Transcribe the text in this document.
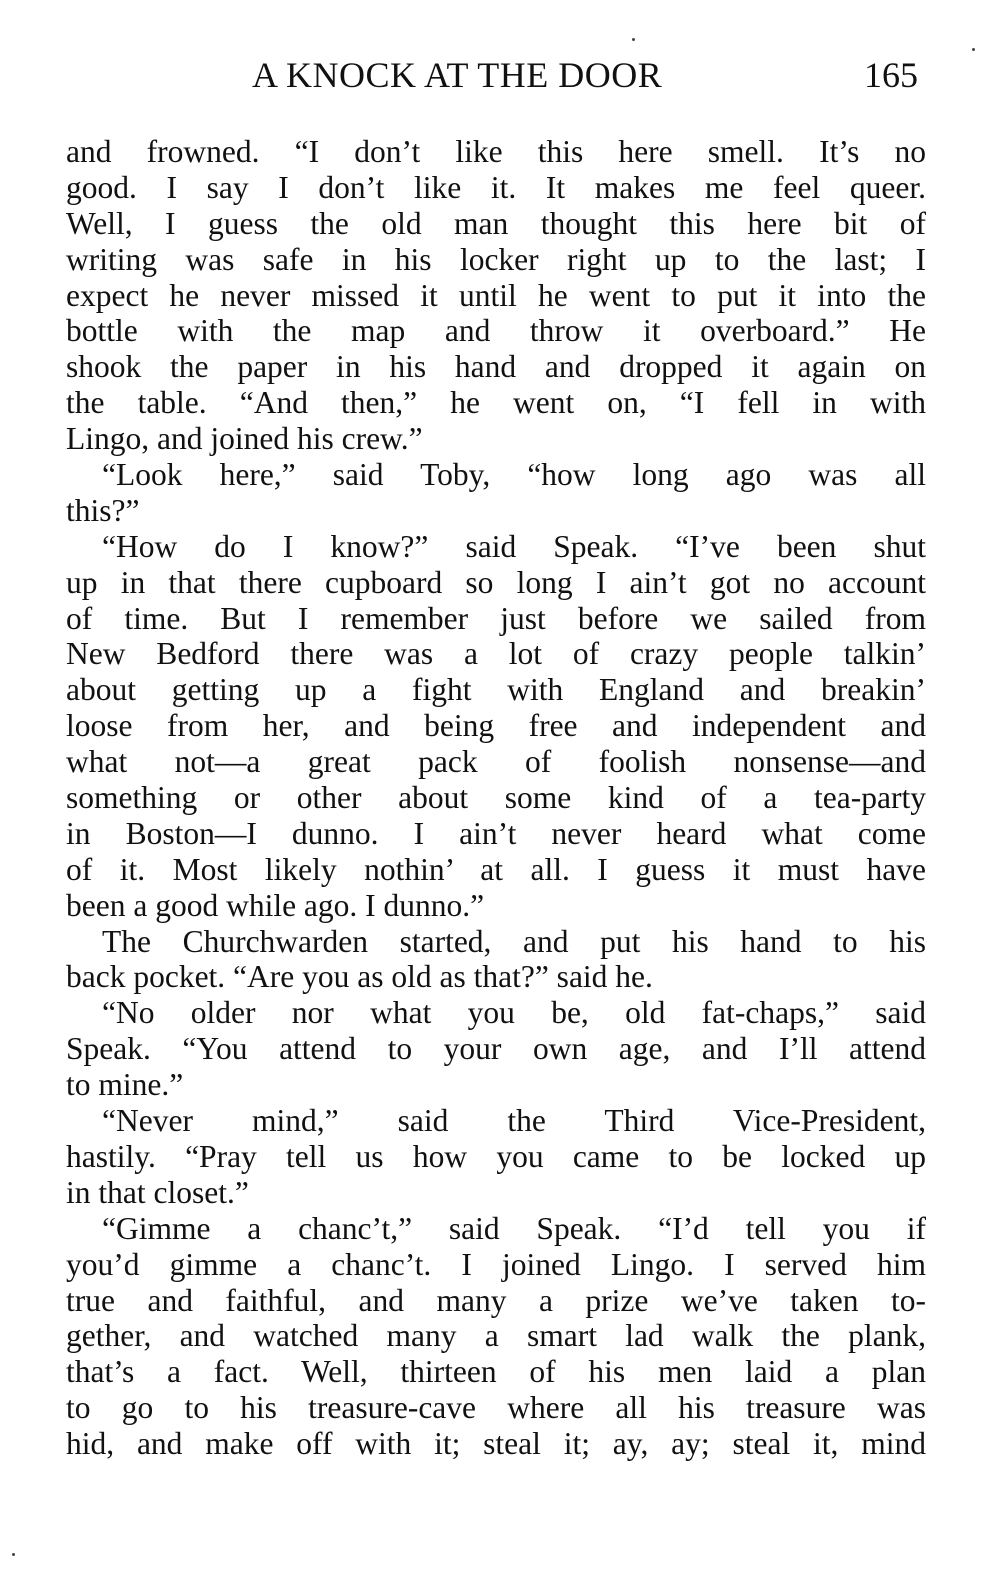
A KNOCK AT THE DOOR	165
and frowned. “I don’t like this here smell. It’s no
good. I say I don’t like it. It makes me feel queer.
Well, I guess the old man thought this here bit of
writing was safe in his locker right up to the last; I
expect he never missed it until he went to put it into the
bottle with the map and throw it overboard.” He
shook the paper in his hand and dropped it again on
the table. “And then,” he went on, “I fell in with
Lingo, and joined his crew.”
“Look here,” said Toby, “how long ago was all
this?”
“How do I know?” said Speak. “I’ve been shut
up in that there cupboard so long I ain’t got no account
of time. But I remember just before we sailed from
New Bedford there was a lot of crazy people talkin’
about getting up a fight with England and breakin’
loose from her, and being free and independent and
what not—a great pack of foolish nonsense—and
something or other about some kind of a tea-party
in Boston—I dunno. I ain’t never heard what come
of it. Most likely nothin’ at all. I guess it must have
been a good while ago. I dunno.”
The Churchwarden started, and put his hand to his
back pocket. “Are you as old as that?” said he.
“No older nor what you be, old fat-chaps,” said
Speak. “You attend to your own age, and I’ll attend
to mine.”
“Never mind,” said the Third Vice-President,
hastily. “Pray tell us how you came to be locked up
in that closet.”
“Gimme a chanc’t,” said Speak. “I’d tell you if
you’d gimme a chanc’t. I joined Lingo. I served him
true and faithful, and many a prize we’ve taken to-
gether, and watched many a smart lad walk the plank,
that’s a fact. Well, thirteen of his men laid a plan
to go to his treasure-cave where all his treasure was
hid, and make off with it; steal it; ay, ay; steal it, mind
